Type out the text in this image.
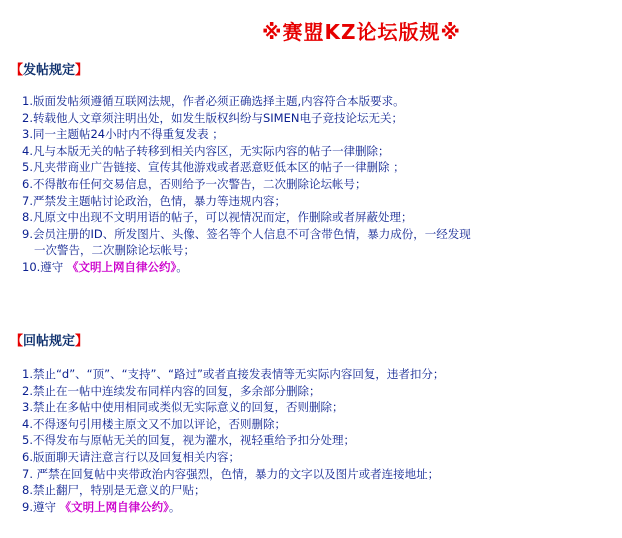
※赛盟KZ论坛版规※
【发帖规定】
1.版面发帖须遵循互联网法规，作者必须正确选择主题,内容符合本版要求。
2.转载他人文章须注明出处，如发生版权纠纷与SIMEN电子竞技论坛无关；
3.同一主题帖24小时内不得重复发表 ；
4.凡与本版无关的帖子转移到相关内容区，无实际内容的帖子一律删除；
5.凡夹带商业广告链接、宣传其他游戏或者恶意贬低本区的帖子一律删除 ；
6.不得散布任何交易信息，否则给予一次警告，二次删除论坛帐号；
7.严禁发主题帖讨论政治，色情，暴力等违规内容；
8.凡原文中出现不文明用语的帖子，可以视情况而定，作删除或者屏蔽处理；
9.会员注册的ID、所发图片、头像、签名等个人信息不可含带色情，暴力成份，一经发现
一次警告，二次删除论坛帐号；
10.遵守 《文明上网自律公约》。
【回帖规定】
1.禁止“d”、“顶”、“支持”、“路过”或者直接发表情等无实际内容回复，违者扣分；
2.禁止在一帖中连续发布同样内容的回复，多余部分删除；
3.禁止在多帖中使用相同或类似无实际意义的回复，否则删除；
4.不得逐句引用楼主原文又不加以评论，否则删除；
5.不得发布与原帖无关的回复，视为灌水，视轻重给予扣分处理；
6.版面聊天请注意言行以及回复相关内容；
7. 严禁在回复帖中夹带政治内容强烈，色情，暴力的文字以及图片或者连接地址；
8.禁止翻尸，特别是无意义的尸贴；
9.遵守 《文明上网自律公约》。
